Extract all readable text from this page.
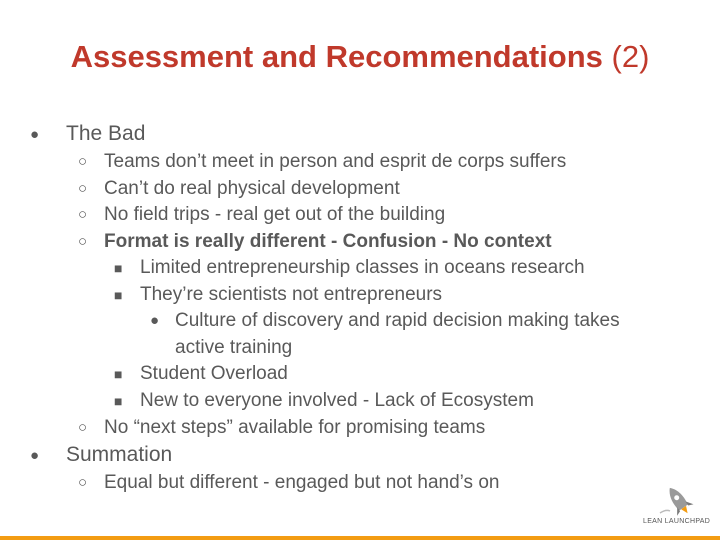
Assessment and Recommendations (2)
● The Bad
○ Teams don’t meet in person and esprit de corps suffers
○ Can’t do real physical development
○ No field trips - real get out of the building
○ Format is really different - Confusion - No context
■ Limited entrepreneurship classes in oceans research
■ They’re scientists not entrepreneurs
● Culture of discovery and rapid decision making takes
active training
■ Student Overload
■ New to everyone involved - Lack of Ecosystem
○ No “next steps” available for promising teams
● Summation
○ Equal but different - engaged but not hand’s on
LEAN LAUNCHPAD
